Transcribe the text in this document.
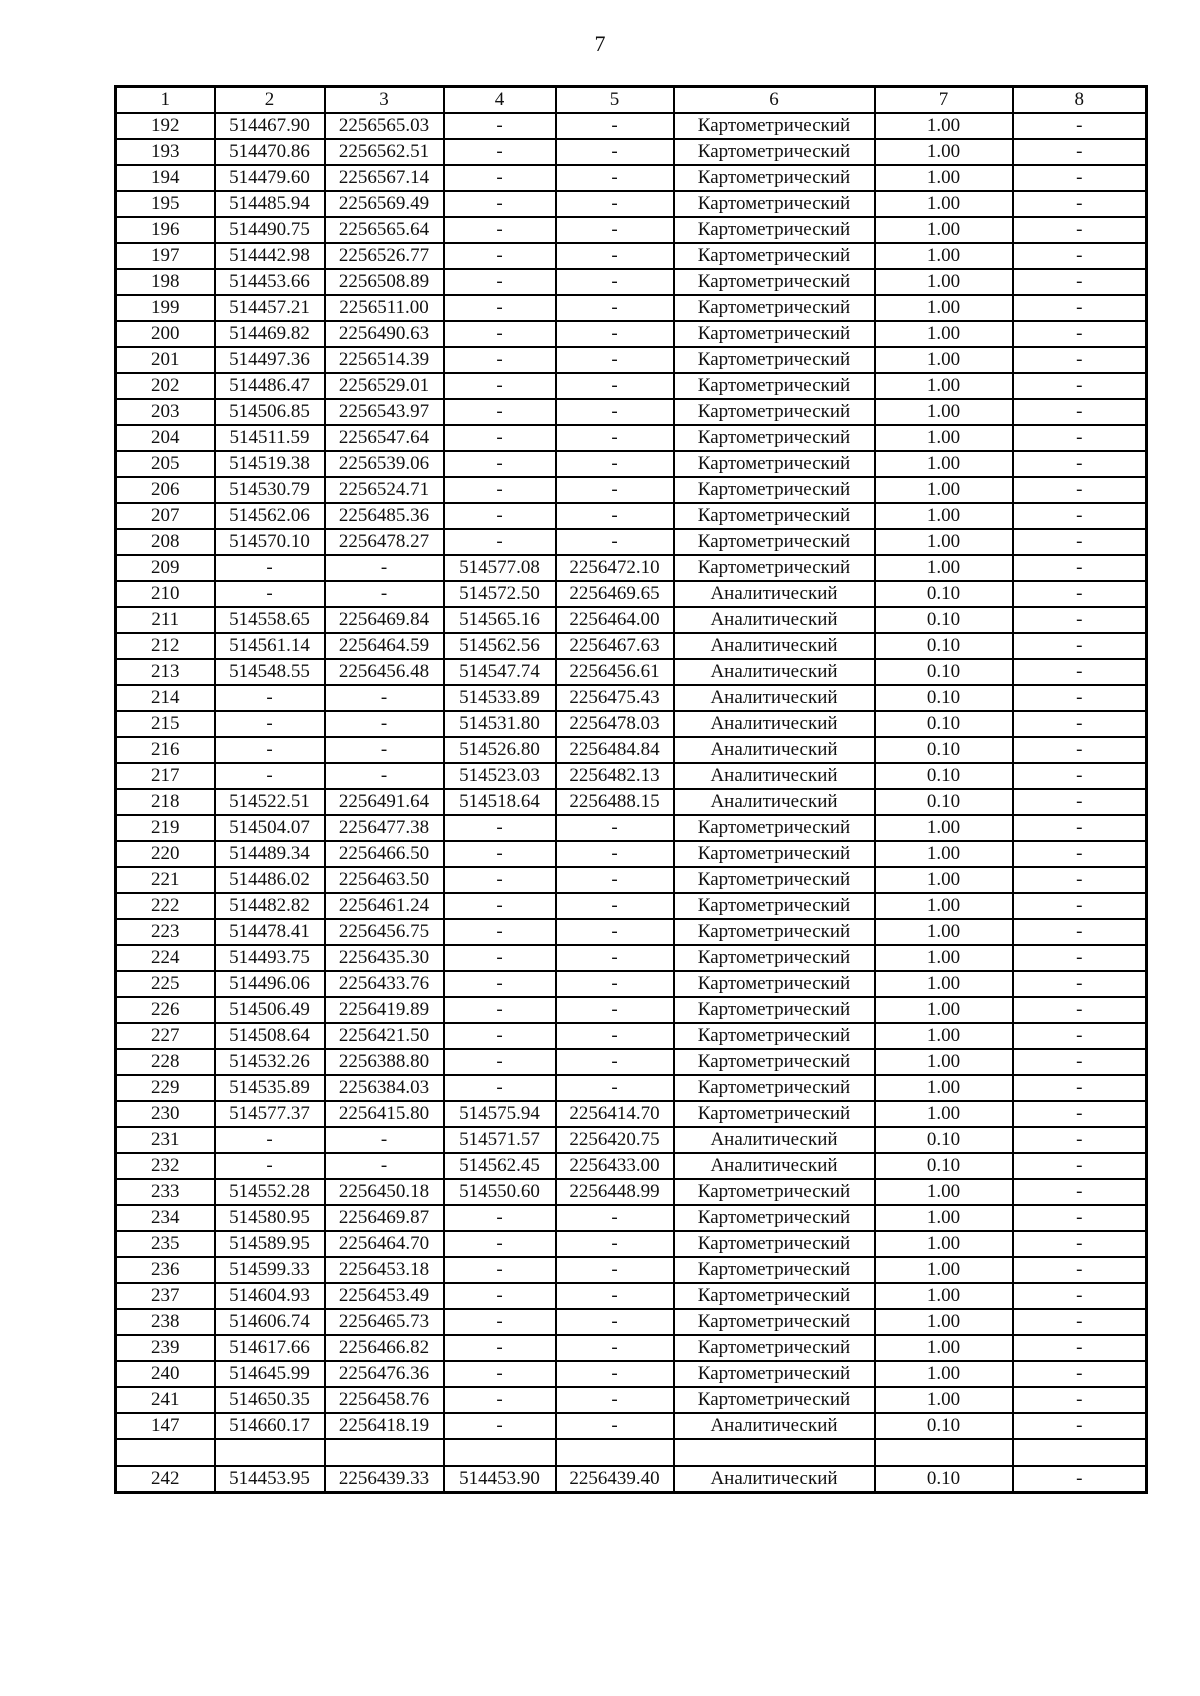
7
1	2	3	4	5	6	7	8
192	514467.90	2256565.03	-	-	Картометрический	1.00	-
193	514470.86	2256562.51	-	-	Картометрический	1.00	-
194	514479.60	2256567.14	-	-	Картометрический	1.00	-
195	514485.94	2256569.49	-	-	Картометрический	1.00	-
196	514490.75	2256565.64	-	-	Картометрический	1.00	-
197	514442.98	2256526.77	-	-	Картометрический	1.00	-
198	514453.66	2256508.89	-	-	Картометрический	1.00	-
199	514457.21	2256511.00	-	-	Картометрический	1.00	-
200	514469.82	2256490.63	-	-	Картометрический	1.00	-
201	514497.36	2256514.39	-	-	Картометрический	1.00	-
202	514486.47	2256529.01	-	-	Картометрический	1.00	-
203	514506.85	2256543.97	-	-	Картометрический	1.00	-
204	514511.59	2256547.64	-	-	Картометрический	1.00	-
205	514519.38	2256539.06	-	-	Картометрический	1.00	-
206	514530.79	2256524.71	-	-	Картометрический	1.00	-
207	514562.06	2256485.36	-	-	Картометрический	1.00	-
208	514570.10	2256478.27	-	-	Картометрический	1.00	-
209	-	-	514577.08	2256472.10	Картометрический	1.00	-
210	-	-	514572.50	2256469.65	Аналитический	0.10	-
211	514558.65	2256469.84	514565.16	2256464.00	Аналитический	0.10	-
212	514561.14	2256464.59	514562.56	2256467.63	Аналитический	0.10	-
213	514548.55	2256456.48	514547.74	2256456.61	Аналитический	0.10	-
214	-	-	514533.89	2256475.43	Аналитический	0.10	-
215	-	-	514531.80	2256478.03	Аналитический	0.10	-
216	-	-	514526.80	2256484.84	Аналитический	0.10	-
217	-	-	514523.03	2256482.13	Аналитический	0.10	-
218	514522.51	2256491.64	514518.64	2256488.15	Аналитический	0.10	-
219	514504.07	2256477.38	-	-	Картометрический	1.00	-
220	514489.34	2256466.50	-	-	Картометрический	1.00	-
221	514486.02	2256463.50	-	-	Картометрический	1.00	-
222	514482.82	2256461.24	-	-	Картометрический	1.00	-
223	514478.41	2256456.75	-	-	Картометрический	1.00	-
224	514493.75	2256435.30	-	-	Картометрический	1.00	-
225	514496.06	2256433.76	-	-	Картометрический	1.00	-
226	514506.49	2256419.89	-	-	Картометрический	1.00	-
227	514508.64	2256421.50	-	-	Картометрический	1.00	-
228	514532.26	2256388.80	-	-	Картометрический	1.00	-
229	514535.89	2256384.03	-	-	Картометрический	1.00	-
230	514577.37	2256415.80	514575.94	2256414.70	Картометрический	1.00	-
231	-	-	514571.57	2256420.75	Аналитический	0.10	-
232	-	-	514562.45	2256433.00	Аналитический	0.10	-
233	514552.28	2256450.18	514550.60	2256448.99	Картометрический	1.00	-
234	514580.95	2256469.87	-	-	Картометрический	1.00	-
235	514589.95	2256464.70	-	-	Картометрический	1.00	-
236	514599.33	2256453.18	-	-	Картометрический	1.00	-
237	514604.93	2256453.49	-	-	Картометрический	1.00	-
238	514606.74	2256465.73	-	-	Картометрический	1.00	-
239	514617.66	2256466.82	-	-	Картометрический	1.00	-
240	514645.99	2256476.36	-	-	Картометрический	1.00	-
241	514650.35	2256458.76	-	-	Картометрический	1.00	-
147	514660.17	2256418.19	-	-	Аналитический	0.10	-

242	514453.95	2256439.33	514453.90	2256439.40	Аналитический	0.10	-
